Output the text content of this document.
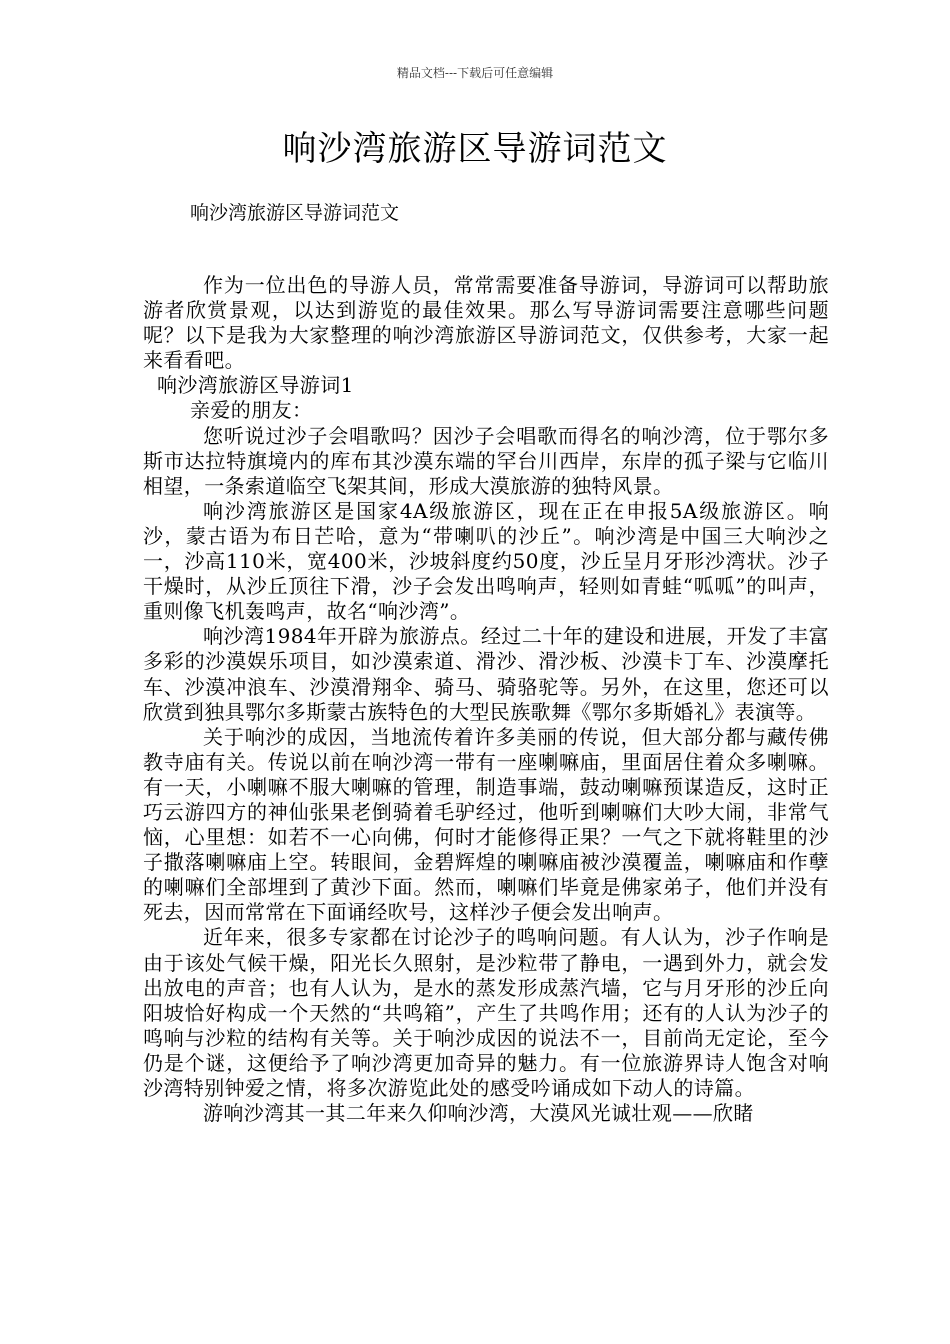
精品文档---下载后可任意编辑
响沙湾旅游区导游词范文
响沙湾旅游区导游词范文

作为一位出色的导游人员，常常需要准备导游词，导游词可以帮助旅游者欣赏景观，以达到游览的最佳效果。那么写导游词需要注意哪些问题呢？以下是我为大家整理的响沙湾旅游区导游词范文，仅供参考，大家一起来看看吧。

响沙湾旅游区导游词1

亲爱的朋友：

您听说过沙子会唱歌吗？因沙子会唱歌而得名的响沙湾，位于鄂尔多斯市达拉特旗境内的库布其沙漠东端的罕台川西岸，东岸的孤子梁与它临川相望，一条索道临空飞架其间，形成大漠旅游的独特风景。

响沙湾旅游区是国家4A级旅游区，现在正在申报5A级旅游区。响沙，蒙古语为布日芒哈，意为“带喇叭的沙丘”。响沙湾是中国三大响沙之一，沙高110米，宽400米，沙坡斜度约50度，沙丘呈月牙形沙湾状。沙子干燥时，从沙丘顶往下滑，沙子会发出鸣响声，轻则如青蛙“呱呱”的叫声，重则像飞机轰鸣声，故名“响沙湾”。

响沙湾1984年开辟为旅游点。经过二十年的建设和进展，开发了丰富多彩的沙漠娱乐项目，如沙漠索道、滑沙、滑沙板、沙漠卡丁车、沙漠摩托车、沙漠冲浪车、沙漠滑翔伞、骑马、骑骆驼等。另外，在这里，您还可以欣赏到独具鄂尔多斯蒙古族特色的大型民族歌舞《鄂尔多斯婚礼》表演等。

关于响沙的成因，当地流传着许多美丽的传说，但大部分都与藏传佛教寺庙有关。传说以前在响沙湾一带有一座喇嘛庙，里面居住着众多喇嘛。有一天，小喇嘛不服大喇嘛的管理，制造事端，鼓动喇嘛预谋造反，这时正巧云游四方的神仙张果老倒骑着毛驴经过，他听到喇嘛们大吵大闹，非常气恼，心里想：如若不一心向佛，何时才能修得正果？一气之下就将鞋里的沙子撒落喇嘛庙上空。转眼间，金碧辉煌的喇嘛庙被沙漠覆盖，喇嘛庙和作孽的喇嘛们全部埋到了黄沙下面。然而，喇嘛们毕竟是佛家弟子，他们并没有死去，因而常常在下面诵经吹号，这样沙子便会发出响声。

近年来，很多专家都在讨论沙子的鸣响问题。有人认为，沙子作响是由于该处气候干燥，阳光长久照射，是沙粒带了静电，一遇到外力，就会发出放电的声音；也有人认为，是水的蒸发形成蒸汽墙，它与月牙形的沙丘向阳坡恰好构成一个天然的“共鸣箱”，产生了共鸣作用；还有的人认为沙子的鸣响与沙粒的结构有关等。关于响沙成因的说法不一，目前尚无定论，至今仍是个谜，这便给予了响沙湾更加奇异的魅力。有一位旅游界诗人饱含对响沙湾特别钟爱之情，将多次游览此处的感受吟诵成如下动人的诗篇。

游响沙湾其一其二年来久仰响沙湾，大漠风光诚壮观——欣睹
